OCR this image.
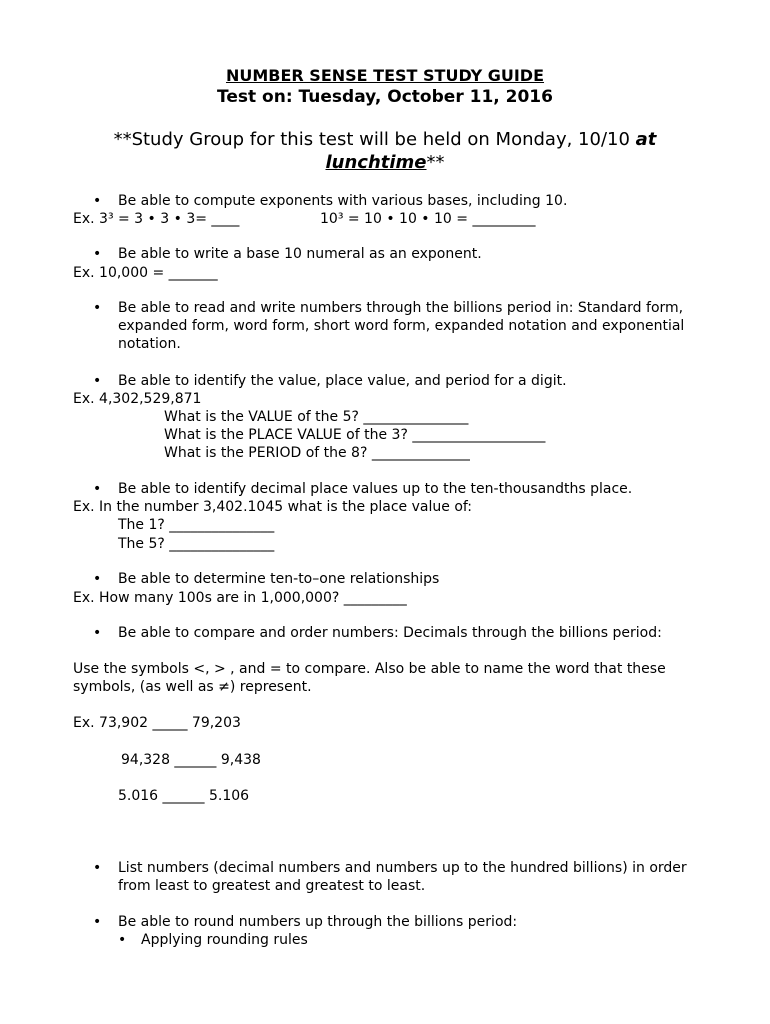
NUMBER SENSE TEST STUDY GUIDE
Test on: Tuesday, October 11, 2016
**Study Group for this test will be held on Monday, 10/10 at
lunchtime**
• Be able to compute exponents with various bases, including 10.
Ex. 3³ = 3 • 3 • 3= ____	10³ = 10 • 10 • 10 = _________
• Be able to write a base 10 numeral as an exponent.
Ex. 10,000 = _______
• Be able to read and write numbers through the billions period in: Standard form, expanded form, word form, short word form, expanded notation and exponential notation.
• Be able to identify the value, place value, and period for a digit.
Ex. 4,302,529,871
What is the VALUE of the 5? _______________
What is the PLACE VALUE of the 3? ___________________
What is the PERIOD of the 8? ______________
• Be able to identify decimal place values up to the ten-thousandths place.
Ex. In the number 3,402.1045 what is the place value of:
The 1? _______________
The 5? _______________
• Be able to determine ten-to–one relationships
Ex. How many 100s are in 1,000,000? _________
• Be able to compare and order numbers: Decimals through the billions period:
Use the symbols <, > , and = to compare. Also be able to name the word that these symbols, (as well as ≠) represent.
Ex. 73,902 _____ 79,203
94,328 ______ 9,438
5.016 ______ 5.106
• List numbers (decimal numbers and numbers up to the hundred billions) in order from least to greatest and greatest to least.
• Be able to round numbers up through the billions period:
• Applying rounding rules
